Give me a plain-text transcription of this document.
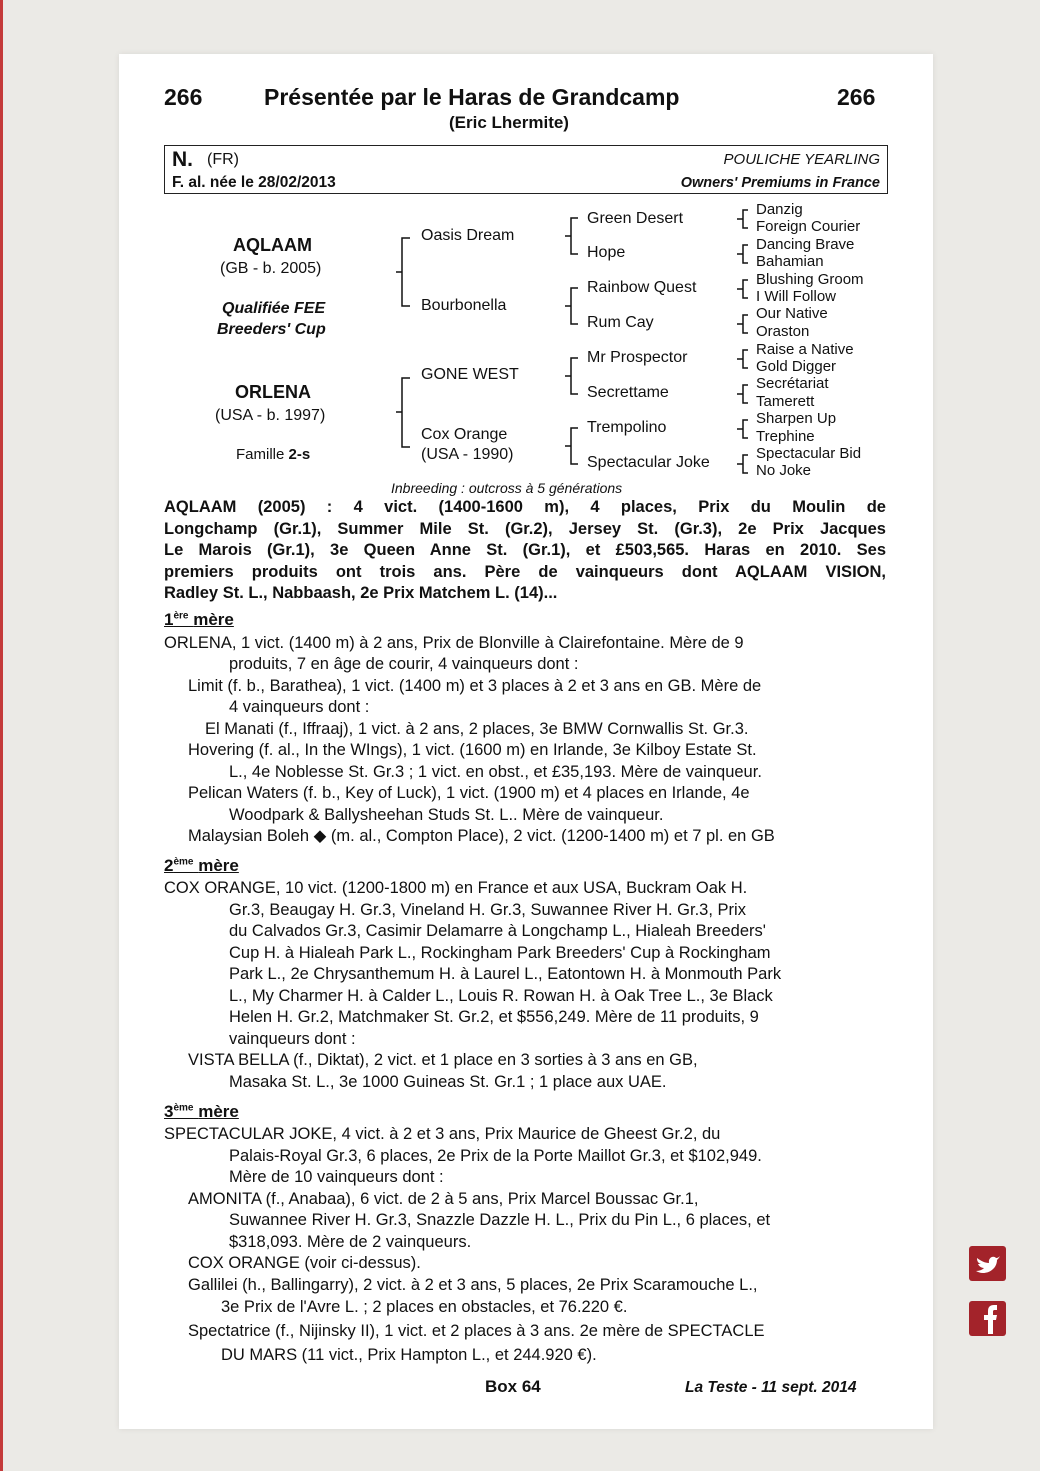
266	Présentée par le Haras de Grandcamp	266
(Eric Lhermite)
N. (FR)	POULICHE YEARLING
F. al. née le 28/02/2013	Owners' Premiums in France
AQLAAM
(GB - b. 2005)
Qualifiée FEE
Breeders' Cup
ORLENA
(USA - b. 1997)
Famille 2-s
Oasis Dream
Bourbonella
GONE WEST
Cox Orange
(USA - 1990)
Green Desert
Hope
Rainbow Quest
Rum Cay
Mr Prospector
Secrettame
Trempolino
Spectacular Joke
Danzig
Foreign Courier
Dancing Brave
Bahamian
Blushing Groom
I Will Follow
Our Native
Oraston
Raise a Native
Gold Digger
Secrétariat
Tamerett
Sharpen Up
Trephine
Spectacular Bid
No Joke
Inbreeding : outcross à 5 générations
AQLAAM (2005) : 4 vict. (1400-1600 m), 4 places, Prix du Moulin de
Longchamp (Gr.1), Summer Mile St. (Gr.2), Jersey St. (Gr.3), 2e Prix Jacques
Le Marois (Gr.1), 3e Queen Anne St. (Gr.1), et £503,565. Haras en 2010. Ses
premiers produits ont trois ans. Père de vainqueurs dont AQLAAM VISION,
Radley St. L., Nabbaash, 2e Prix Matchem L. (14)...
1ère mère
ORLENA, 1 vict. (1400 m) à 2 ans, Prix de Blonville à Clairefontaine. Mère de 9
produits, 7 en âge de courir, 4 vainqueurs dont :
Limit (f. b., Barathea), 1 vict. (1400 m) et 3 places à 2 et 3 ans en GB. Mère de
4 vainqueurs dont :
El Manati (f., Iffraaj), 1 vict. à 2 ans, 2 places, 3e BMW Cornwallis St. Gr.3.
Hovering (f. al., In the WIngs), 1 vict. (1600 m) en Irlande, 3e Kilboy Estate St.
L., 4e Noblesse St. Gr.3 ; 1 vict. en obst., et £35,193. Mère de vainqueur.
Pelican Waters (f. b., Key of Luck), 1 vict. (1900 m) et 4 places en Irlande, 4e
Woodpark & Ballysheehan Studs St. L.. Mère de vainqueur.
Malaysian Boleh ◆ (m. al., Compton Place), 2 vict. (1200-1400 m) et 7 pl. en GB
2ème mère
COX ORANGE, 10 vict. (1200-1800 m) en France et aux USA, Buckram Oak H.
Gr.3, Beaugay H. Gr.3, Vineland H. Gr.3, Suwannee River H. Gr.3, Prix
du Calvados Gr.3, Casimir Delamarre à Longchamp L., Hialeah Breeders'
Cup H. à Hialeah Park L., Rockingham Park Breeders' Cup à Rockingham
Park L., 2e Chrysanthemum H. à Laurel L., Eatontown H. à Monmouth Park
L., My Charmer H. à Calder L., Louis R. Rowan H. à Oak Tree L., 3e Black
Helen H. Gr.2, Matchmaker St. Gr.2, et $556,249. Mère de 11 produits, 9
vainqueurs dont :
VISTA BELLA (f., Diktat), 2 vict. et 1 place en 3 sorties à 3 ans en GB,
Masaka St. L., 3e 1000 Guineas St. Gr.1 ; 1 place aux UAE.
3ème mère
SPECTACULAR JOKE, 4 vict. à 2 et 3 ans, Prix Maurice de Gheest Gr.2, du
Palais-Royal Gr.3, 6 places, 2e Prix de la Porte Maillot Gr.3, et $102,949.
Mère de 10 vainqueurs dont :
AMONITA (f., Anabaa), 6 vict. de 2 à 5 ans, Prix Marcel Boussac Gr.1,
Suwannee River H. Gr.3, Snazzle Dazzle H. L., Prix du Pin L., 6 places, et
$318,093. Mère de 2 vainqueurs.
COX ORANGE (voir ci-dessus).
Gallilei (h., Ballingarry), 2 vict. à 2 et 3 ans, 5 places, 2e Prix Scaramouche L.,
3e Prix de l'Avre L. ; 2 places en obstacles, et 76.220 €.
Spectatrice (f., Nijinsky II), 1 vict. et 2 places à 3 ans. 2e mère de SPECTACLE
DU MARS (11 vict., Prix Hampton L., et 244.920 €).
Box 64	La Teste - 11 sept. 2014
